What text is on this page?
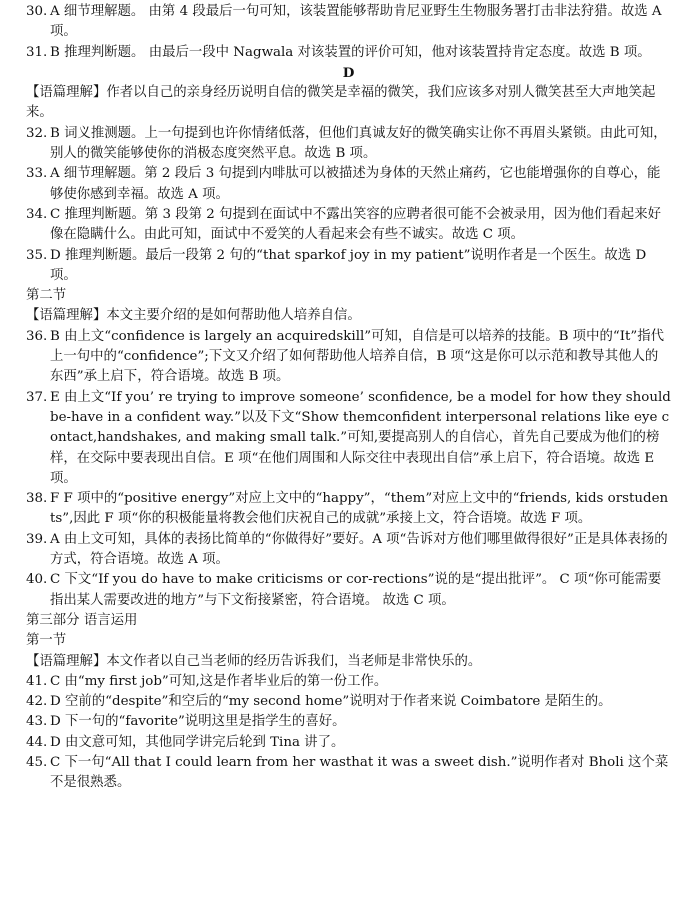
30. A 细节理解题。 由第 4 段最后一句可知，该装置能够帮助肯尼亚野生生物服务署打击非法狩猎。故选 A 项。
31. B 推理判断题。 由最后一段中 Nagwala 对该装置的评价可知，他对该装置持肯定态度。故选 B 项。
D
【语篇理解】作者以自己的亲身经历说明自信的微笑是幸福的微笑，我们应该多对别人微笑甚至大声地笑起来。
32. B 词义推测题。上一句提到也许你情绪低落，但他们真诚友好的微笑确实让你不再眉头紧锁。由此可知，别人的微笑能够使你的消极态度突然平息。故选 B 项。
33. A 细节理解题。第 2 段后 3 句提到内啡肽可以被描述为身体的天然止痛药，它也能增强你的自尊心，能够使你感到幸福。故选 A 项。
34. C 推理判断题。第 3 段第 2 句提到在面试中不露出笑容的应聘者很可能不会被录用，因为他们看起来好像在隐瞒什么。由此可知，面试中不爱笑的人看起来会有些不诚实。故选 C 项。
35. D 推理判断题。最后一段第 2 句的“that sparkof joy in my patient”说明作者是一个医生。故选 D 项。
第二节
【语篇理解】本文主要介绍的是如何帮助他人培养自信。
36. B 由上文“confidence is largely an acquiredskill”可知，自信是可以培养的技能。B 项中的“It”指代上一句中的“confidence”;下文又介绍了如何帮助他人培养自信，B 项“这是你可以示范和教导其他人的东西”承上启下，符合语境。故选 B 项。
37. E 由上文“If you’ re trying to improve someone’ sconfidence, be a model for how they should be-have in a confident way.”以及下文“Show themconfident interpersonal relations like eye contact,handshakes, and making small talk.”可知,要提高别人的自信心，首先自己要成为他们的榜样，在交际中要表现出自信。E 项“在他们周围和人际交往中表现出自信”承上启下，符合语境。故选 E 项。
38. F F 项中的“positive energy”对应上文中的“happy”，“them”对应上文中的“friends, kids orstudents”,因此 F 项“你的积极能量将教会他们庆祝自己的成就”承接上文，符合语境。故选 F 项。
39. A 由上文可知，具体的表扬比简单的“你做得好”要好。A 项“告诉对方他们哪里做得很好”正是具体表扬的方式，符合语境。故选 A 项。
40. C 下文“If you do have to make criticisms or cor-rections”说的是“提出批评”。 C 项“你可能需要指出某人需要改进的地方”与下文衔接紧密，符合语境。 故选 C 项。
第三部分 语言运用
第一节
【语篇理解】本文作者以自己当老师的经历告诉我们，当老师是非常快乐的。
41. C 由“my first job”可知,这是作者毕业后的第一份工作。
42. D 空前的“despite”和空后的“my second home”说明对于作者来说 Coimbatore 是陌生的。
43. D 下一句的“favorite”说明这里是指学生的喜好。
44. D 由文意可知，其他同学讲完后轮到 Tina 讲了。
45. C 下一句“All that I could learn from her wasthat it was a sweet dish.”说明作者对 Bholi 这个菜不是很熟悉。
